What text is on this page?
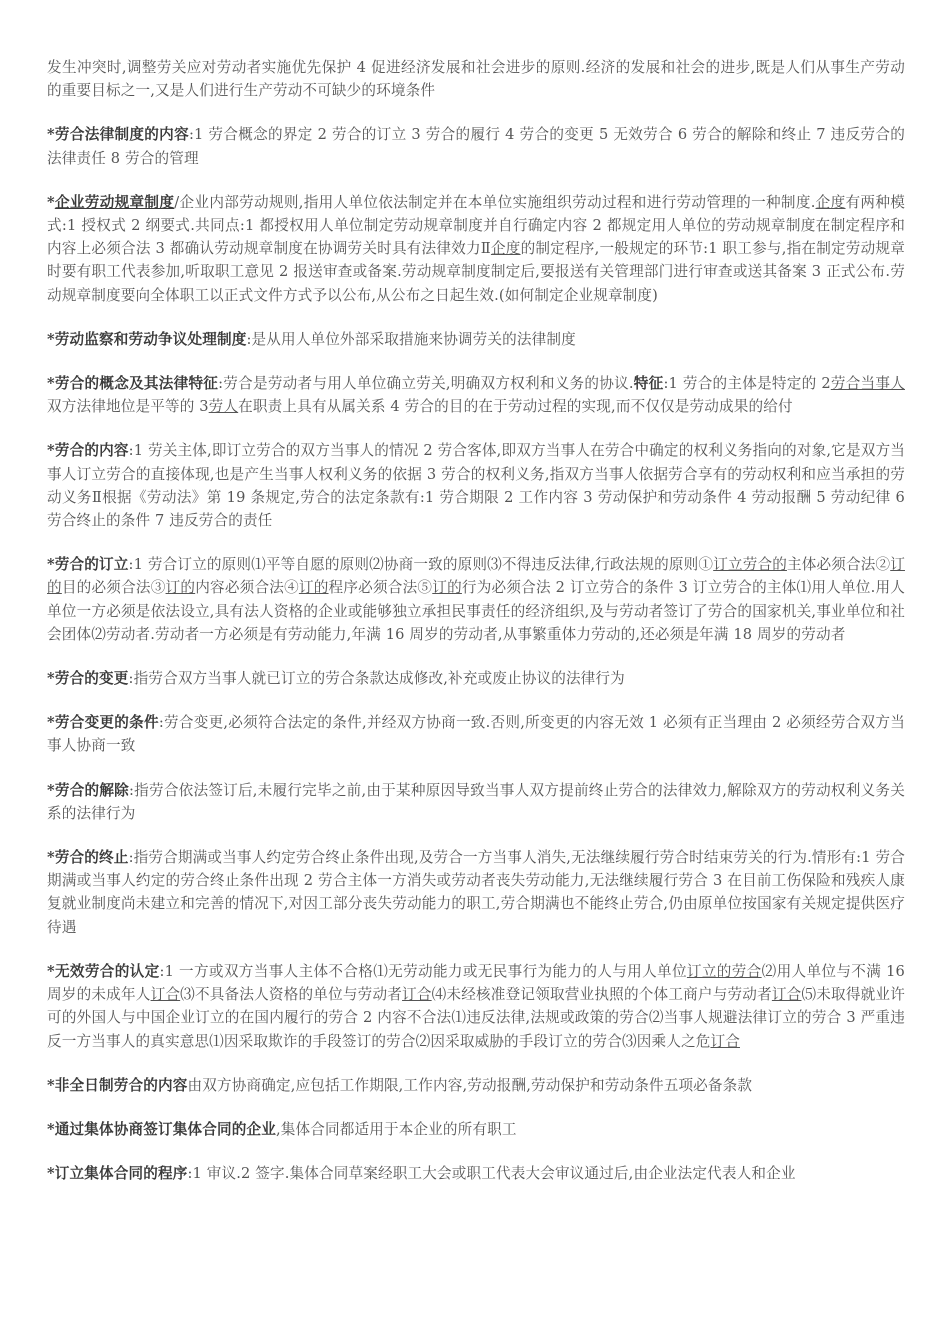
发生冲突时,调整劳关应对劳动者实施优先保护 4 促进经济发展和社会进步的原则.经济的发展和社会的进步,既是人们从事生产劳动的重要目标之一,又是人们进行生产劳动不可缺少的环境条件

*劳合法律制度的内容:1 劳合概念的界定 2 劳合的订立 3 劳合的履行 4 劳合的变更 5 无效劳合 6 劳合的解除和终止 7 违反劳合的法律责任 8 劳合的管理

*企业劳动规章制度/企业内部劳动规则,指用人单位依法制定并在本单位实施组织劳动过程和进行劳动管理的一种制度.企度有两种模式:1 授权式 2 纲要式.共同点:1 都授权用人单位制定劳动规章制度并自行确定内容 2 都规定用人单位的劳动规章制度在制定程序和内容上必须合法 3 都确认劳动规章制度在协调劳关时具有法律效力Ⅱ企度的制定程序,一般规定的环节:1 职工参与,指在制定劳动规章时要有职工代表参加,听取职工意见 2 报送审查或备案.劳动规章制度制定后,要报送有关管理部门进行审查或送其备案 3 正式公布.劳动规章制度要向全体职工以正式文件方式予以公布,从公布之日起生效.(如何制定企业规章制度)

*劳动监察和劳动争议处理制度:是从用人单位外部采取措施来协调劳关的法律制度

*劳合的概念及其法律特征:劳合是劳动者与用人单位确立劳关,明确双方权利和义务的协议.特征:1 劳合的主体是特定的 2劳合当事人双方法律地位是平等的 3劳人在职责上具有从属关系 4 劳合的目的在于劳动过程的实现,而不仅仅是劳动成果的给付

*劳合的内容:1 劳关主体,即订立劳合的双方当事人的情况 2 劳合客体,即双方当事人在劳合中确定的权利义务指向的对象,它是双方当事人订立劳合的直接体现,也是产生当事人权利义务的依据 3 劳合的权利义务,指双方当事人依据劳合享有的劳动权利和应当承担的劳动义务Ⅱ根据《劳动法》第 19 条规定,劳合的法定条款有:1 劳合期限 2 工作内容 3 劳动保护和劳动条件 4 劳动报酬 5 劳动纪律 6 劳合终止的条件 7 违反劳合的责任

*劳合的订立:1 劳合订立的原则⑴平等自愿的原则⑵协商一致的原则⑶不得违反法律,行政法规的原则①订立劳合的主体必须合法②订的目的必须合法③订的内容必须合法④订的程序必须合法⑤订的行为必须合法 2 订立劳合的条件 3 订立劳合的主体⑴用人单位.用人单位一方必须是依法设立,具有法人资格的企业或能够独立承担民事责任的经济组织,及与劳动者签订了劳合的国家机关,事业单位和社会团体⑵劳动者.劳动者一方必须是有劳动能力,年满 16 周岁的劳动者,从事繁重体力劳动的,还必须是年满 18 周岁的劳动者

*劳合的变更:指劳合双方当事人就已订立的劳合条款达成修改,补充或废止协议的法律行为

*劳合变更的条件:劳合变更,必须符合法定的条件,并经双方协商一致.否则,所变更的内容无效 1 必须有正当理由 2 必须经劳合双方当事人协商一致

*劳合的解除:指劳合依法签订后,未履行完毕之前,由于某种原因导致当事人双方提前终止劳合的法律效力,解除双方的劳动权利义务关系的法律行为

*劳合的终止:指劳合期满或当事人约定劳合终止条件出现,及劳合一方当事人消失,无法继续履行劳合时结束劳关的行为.情形有:1 劳合期满或当事人约定的劳合终止条件出现 2 劳合主体一方消失或劳动者丧失劳动能力,无法继续履行劳合 3 在目前工伤保险和残疾人康复就业制度尚未建立和完善的情况下,对因工部分丧失劳动能力的职工,劳合期满也不能终止劳合,仍由原单位按国家有关规定提供医疗待遇

*无效劳合的认定:1 一方或双方当事人主体不合格⑴无劳动能力或无民事行为能力的人与用人单位订立的劳合⑵用人单位与不满 16 周岁的未成年人订合⑶不具备法人资格的单位与劳动者订合⑷未经核准登记领取营业执照的个体工商户与劳动者订合⑸未取得就业许可的外国人与中国企业订立的在国内履行的劳合 2 内容不合法⑴违反法律,法规或政策的劳合⑵当事人规避法律订立的劳合 3 严重违反一方当事人的真实意思⑴因采取欺诈的手段签订的劳合⑵因采取威胁的手段订立的劳合⑶因乘人之危订合

*非全日制劳合的内容由双方协商确定,应包括工作期限,工作内容,劳动报酬,劳动保护和劳动条件五项必备条款

*通过集体协商签订集体合同的企业,集体合同都适用于本企业的所有职工

*订立集体合同的程序:1 审议.2 签字.集体合同草案经职工大会或职工代表大会审议通过后,由企业法定代表人和企业
